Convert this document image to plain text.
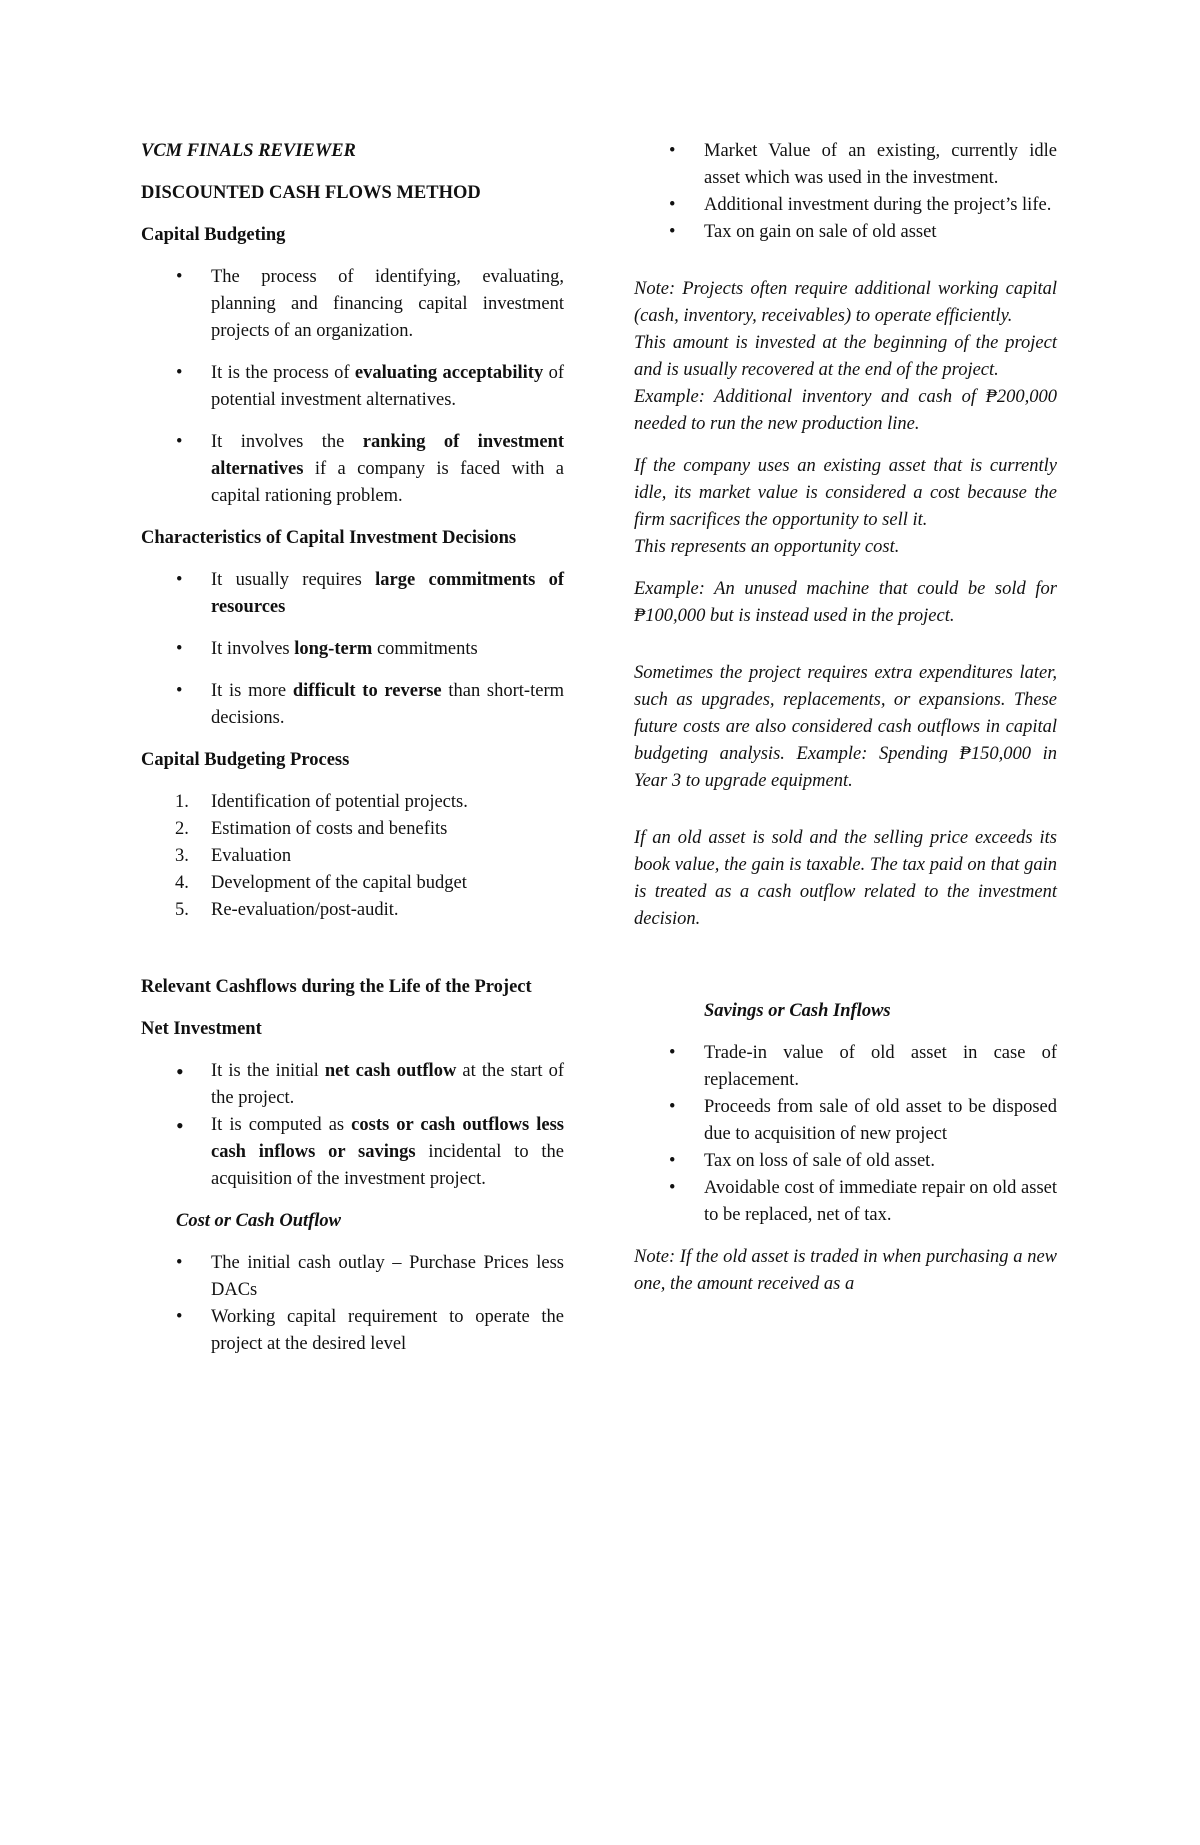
VCM FINALS REVIEWER

DISCOUNTED CASH FLOWS METHOD

Capital Budgeting

• The process of identifying, evaluating, planning and financing capital investment projects of an organization.
• It is the process of evaluating acceptability of potential investment alternatives.
• It involves the ranking of investment alternatives if a company is faced with a capital rationing problem.

Characteristics of Capital Investment Decisions

• It usually requires large commitments of resources
• It involves long-term commitments
• It is more difficult to reverse than short-term decisions.

Capital Budgeting Process

1. Identification of potential projects.
2. Estimation of costs and benefits
3. Evaluation
4. Development of the capital budget
5. Re-evaluation/post-audit.

Relevant Cashflows during the Life of the Project

Net Investment

• It is the initial net cash outflow at the start of the project.
• It is computed as costs or cash outflows less cash inflows or savings incidental to the acquisition of the investment project.

Cost or Cash Outflow

• The initial cash outlay – Purchase Prices less DACs
• Working capital requirement to operate the project at the desired level
• Market Value of an existing, currently idle asset which was used in the investment.
• Additional investment during the project’s life.
• Tax on gain on sale of old asset

Note: Projects often require additional working capital (cash, inventory, receivables) to operate efficiently.

This amount is invested at the beginning of the project and is usually recovered at the end of the project.

Example: Additional inventory and cash of ₱200,000 needed to run the new production line.

If the company uses an existing asset that is currently idle, its market value is considered a cost because the firm sacrifices the opportunity to sell it.

This represents an opportunity cost.

Example: An unused machine that could be sold for ₱100,000 but is instead used in the project.

Sometimes the project requires extra expenditures later, such as upgrades, replacements, or expansions. These future costs are also considered cash outflows in capital budgeting analysis. Example: Spending ₱150,000 in Year 3 to upgrade equipment.

If an old asset is sold and the selling price exceeds its book value, the gain is taxable. The tax paid on that gain is treated as a cash outflow related to the investment decision.

Savings or Cash Inflows

• Trade-in value of old asset in case of replacement.
• Proceeds from sale of old asset to be disposed due to acquisition of new project
• Tax on loss of sale of old asset.
• Avoidable cost of immediate repair on old asset to be replaced, net of tax.

Note: If the old asset is traded in when purchasing a new one, the amount received as a
